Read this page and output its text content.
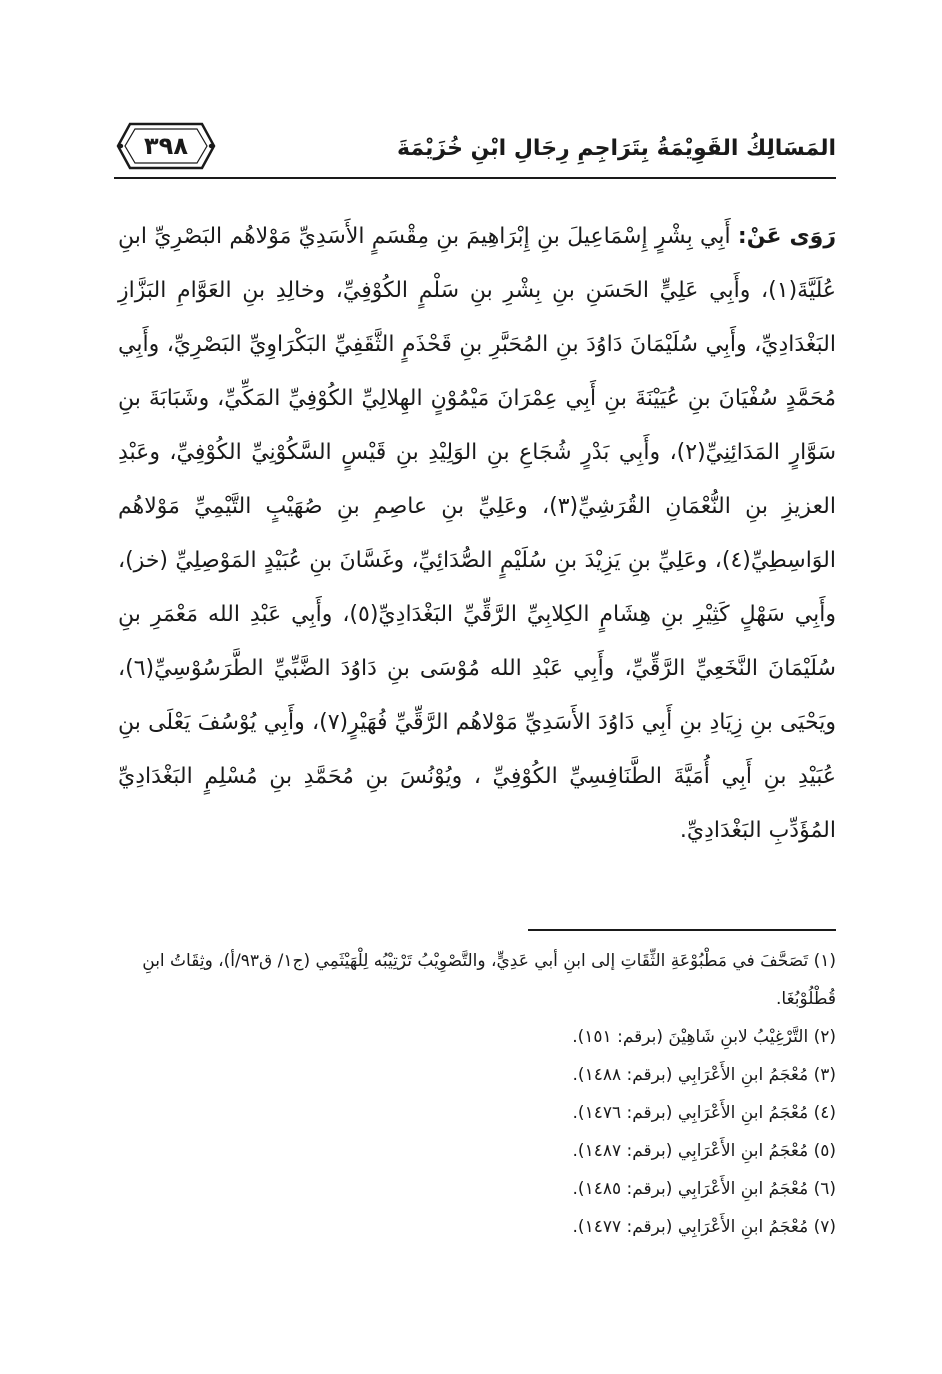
٣٩٨	المَسَالِكُ القَوِيْمَةُ بِتَرَاجِمِ رِجَالِ ابْنِ خُزَيْمَةَ
رَوَى عَنْ: أَبِي بِشْرٍ إِسْمَاعِيلَ بنِ إِبْرَاهِيمَ بنِ مِقْسَمٍ الأَسَدِيِّ مَوْلاهُم البَصْرِيِّ ابنِ عُلَيَّةَ(١)، وأَبِي عَلِيٍّ الحَسَنِ بنِ بِشْرِ بنِ سَلْمٍ الكُوْفِيِّ، وخالِدِ بنِ العَوَّامِ البَزَّازِ البَغْدَادِيِّ، وأَبِي سُلَيْمَانَ دَاوُدَ بنِ المُحَبَّرِ بنِ قَحْذَمٍ الثَّقَفِيِّ البَكْرَاوِيِّ البَصْرِيِّ، وأَبِي مُحَمَّدٍ سُفْيَانَ بنِ عُيَيْنَةَ بنِ أَبِي عِمْرَانَ مَيْمُوْنٍ الهِلالِيِّ الكُوْفِيِّ المَكِّيِّ، وشَبَابَةَ بنِ سَوَّارٍ المَدَائِنِيِّ(٢)، وأَبِي بَدْرٍ شُجَاعِ بنِ الوَلِيْدِ بنِ قَيْسٍ السَّكُوْنِيِّ الكُوْفِيِّ، وعَبْدِ العزيزِ بنِ النُّعْمَانِ القُرَشِيِّ(٣)، وعَلِيِّ بنِ عاصِمِ بنِ صُهَيْبٍ التَّيْمِيِّ مَوْلاهُم الوَاسِطِيِّ(٤)، وعَلِيِّ بنِ يَزِيْدَ بنِ سُلَيْمٍ الصُّدَائِيِّ، وغَسَّانَ بنِ عُبَيْدٍ المَوْصِلِيِّ (خز)، وأَبِي سَهْلٍ كَثِيْرِ بنِ هِشَامٍ الكِلابِيِّ الرَّقِّيِّ البَغْدَادِيِّ(٥)، وأَبِي عَبْدِ الله مَعْمَرِ بنِ سُلَيْمَانَ النَّخَعِيِّ الرَّقِّيِّ، وأَبِي عَبْدِ الله مُوْسَى بنِ دَاوُدَ الضَّبِّيِّ الطَّرَسُوْسِيِّ(٦)، ويَحْيَى بنِ زِيَادِ بنِ أَبِي دَاوُدَ الأَسَدِيِّ مَوْلاهُم الرَّقِّيِّ فُهَيْرٍ(٧)، وأَبِي يُوْسُفَ يَعْلَى بنِ عُبَيْدِ بنِ أَبِي أُمَيَّةَ الطَّنَافِسِيِّ الكُوْفِيِّ ، ويُوْنُسَ بنِ مُحَمَّدِ بنِ مُسْلِمٍ البَغْدَادِيِّ المُؤَدِّبِ البَغْدَادِيِّ.

(١) تَصَحَّفَ في مَطْبُوْعَةِ الثِّقَاتِ إلى ابنِ أبي عَدِيٍّ، والتَّصْوِيْبُ تَرْتِيْبُه لِلْهَيْثَمِي (ج١/ ق٩٣/أ)، وثِقَاتُ ابنِ قُطْلُوْبُغَا.

(٢) التَّرْغِيْبُ لابنِ شَاهِيْنَ (برقم: ١٥١).

(٣) مُعْجَمُ ابنِ الأَعْرَابِي (برقم: ١٤٨٨).

(٤) مُعْجَمُ ابنِ الأَعْرَابِي (برقم: ١٤٧٦).

(٥) مُعْجَمُ ابنِ الأَعْرَابِي (برقم: ١٤٨٧).

(٦) مُعْجَمُ ابنِ الأَعْرَابِي (برقم: ١٤٨٥).

(٧) مُعْجَمُ ابنِ الأَعْرَابِي (برقم: ١٤٧٧).
